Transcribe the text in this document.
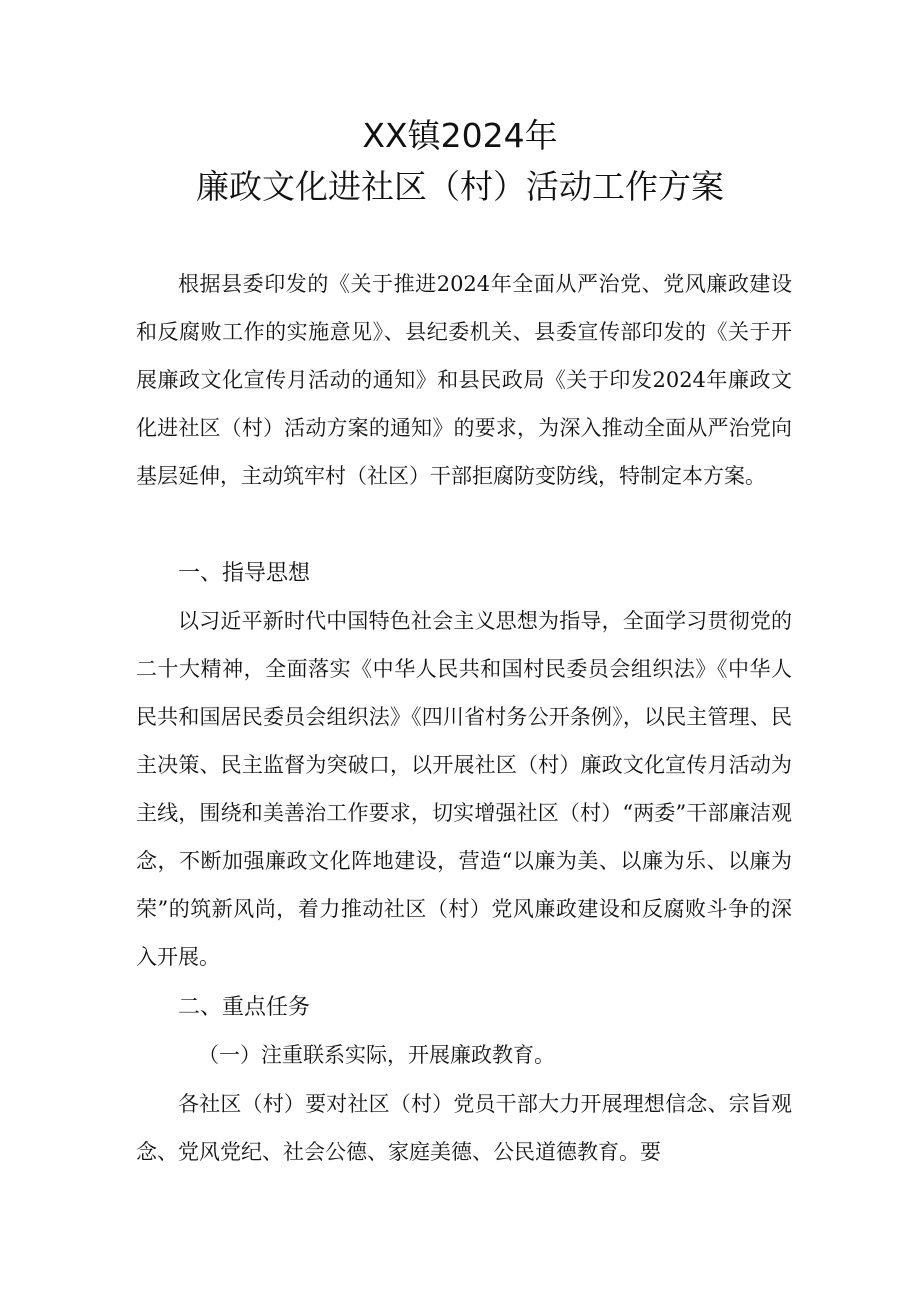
XX镇2024年
廉政文化进社区（村）活动工作方案
根据县委印发的《关于推进2024年全面从严治党、党风廉政建设和反腐败工作的实施意见》、县纪委机关、县委宣传部印发的《关于开展廉政文化宣传月活动的通知》和县民政局《关于印发2024年廉政文化进社区（村）活动方案的通知》的要求，为深入推动全面从严治党向基层延伸，主动筑牢村（社区）干部拒腐防变防线，特制定本方案。
一、指导思想
以习近平新时代中国特色社会主义思想为指导，全面学习贯彻党的二十大精神，全面落实《中华人民共和国村民委员会组织法》《中华人民共和国居民委员会组织法》《四川省村务公开条例》，以民主管理、民主决策、民主监督为突破口，以开展社区（村）廉政文化宣传月活动为主线，围绕和美善治工作要求，切实增强社区（村）“两委”干部廉洁观念，不断加强廉政文化阵地建设，营造“以廉为美、以廉为乐、以廉为荣”的筑新风尚，着力推动社区（村）党风廉政建设和反腐败斗争的深入开展。
二、重点任务
（一）注重联系实际，开展廉政教育。
各社区（村）要对社区（村）党员干部大力开展理想信念、宗旨观念、党风党纪、社会公德、家庭美德、公民道德教育。要
